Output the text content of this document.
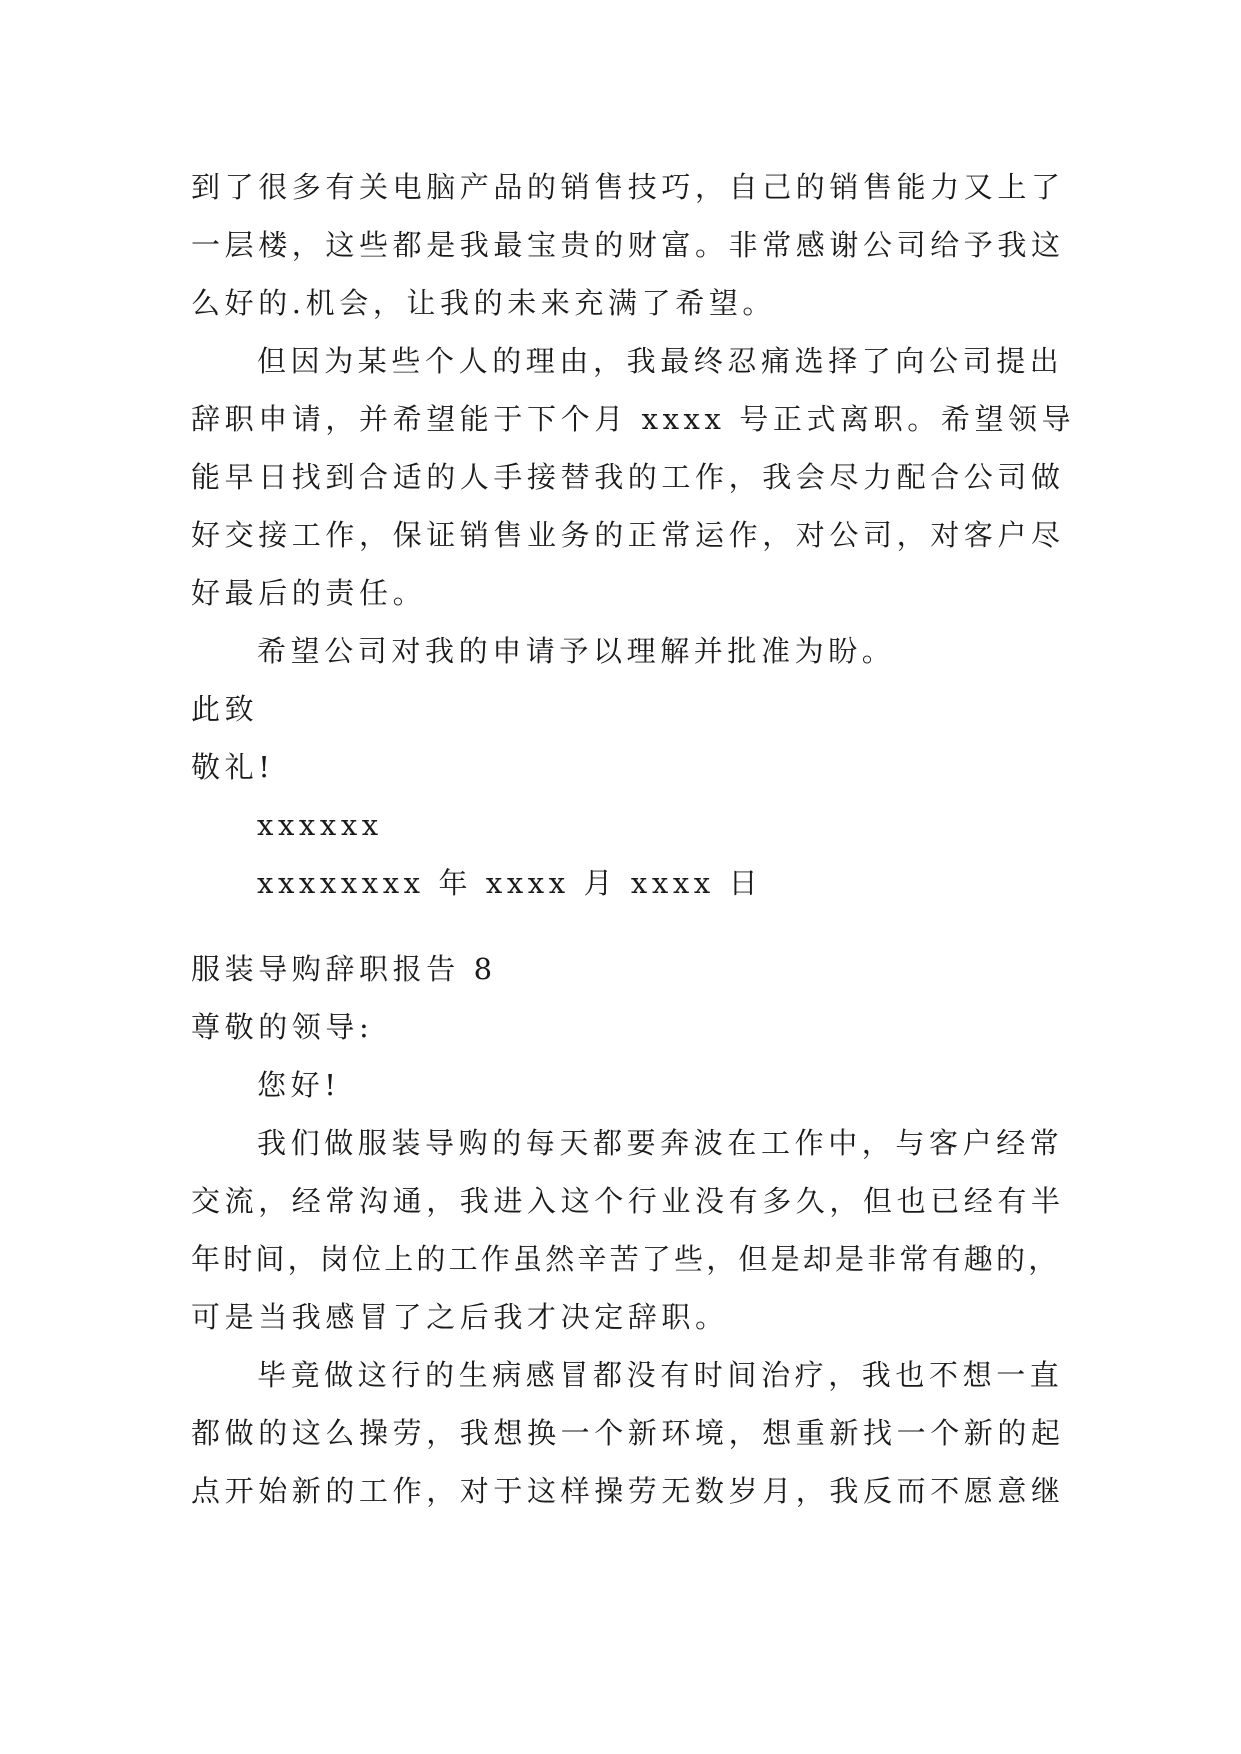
到了很多有关电脑产品的销售技巧，自己的销售能力又上了
一层楼，这些都是我最宝贵的财富。非常感谢公司给予我这
么好的.机会，让我的未来充满了希望。
但因为某些个人的理由，我最终忍痛选择了向公司提出
辞职申请，并希望能于下个月 xxxx 号正式离职。希望领导
能早日找到合适的人手接替我的工作，我会尽力配合公司做
好交接工作，保证销售业务的正常运作，对公司，对客户尽
好最后的责任。
希望公司对我的申请予以理解并批准为盼。
此致
敬礼!
xxxxxx
xxxxxxxx 年 xxxx 月 xxxx 日
服装导购辞职报告 8
尊敬的领导:
您好!
我们做服装导购的每天都要奔波在工作中，与客户经常
交流，经常沟通，我进入这个行业没有多久，但也已经有半
年时间，岗位上的工作虽然辛苦了些，但是却是非常有趣的，
可是当我感冒了之后我才决定辞职。
毕竟做这行的生病感冒都没有时间治疗，我也不想一直
都做的这么操劳，我想换一个新环境，想重新找一个新的起
点开始新的工作，对于这样操劳无数岁月，我反而不愿意继
